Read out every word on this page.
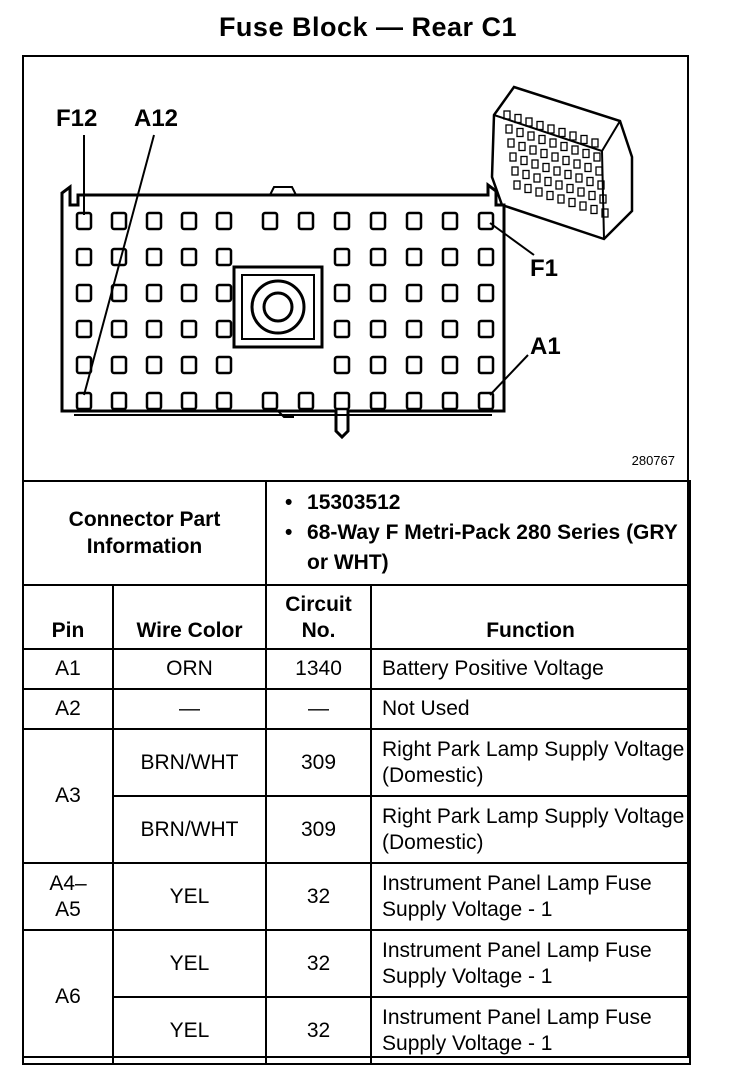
Fuse Block — Rear C1
F12 A12
F1
A1
280767
Connector Part Information		• 15303512
• 68-Way F Metri-Pack 280 Series (GRY or WHT)	

Pin	Wire Color	Circuit No.	Function
A1	ORN	1340	Battery Positive Voltage
A2	—	—	Not Used
A3	BRN/WHT	309	Right Park Lamp Supply Voltage (Domestic)
	BRN/WHT	309	Right Park Lamp Supply Voltage (Domestic)
A4–A5	YEL	32	Instrument Panel Lamp Fuse Supply Voltage - 1
A6	YEL	32	Instrument Panel Lamp Fuse Supply Voltage - 1
	YEL	32	Instrument Panel Lamp Fuse Supply Voltage - 1
